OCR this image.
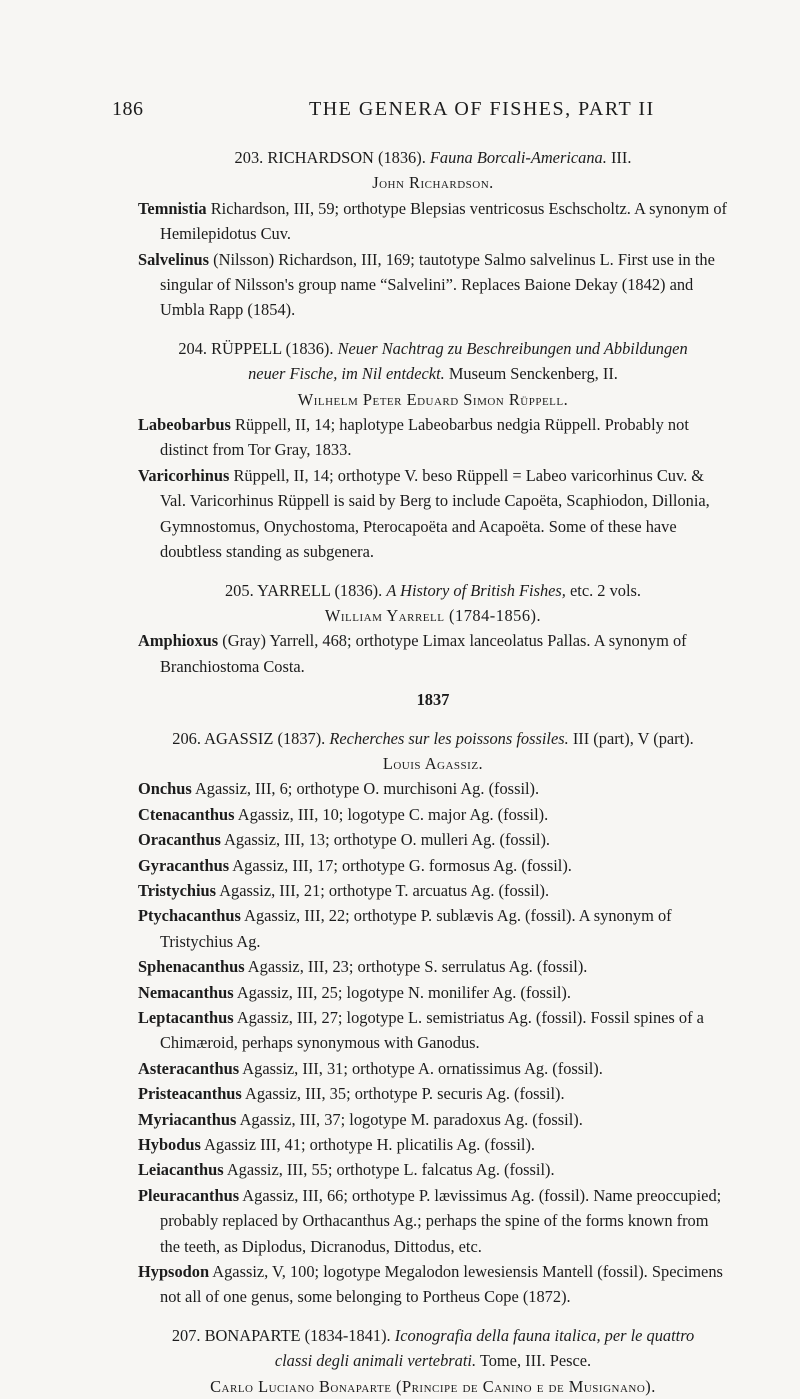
186	THE GENERA OF FISHES, PART II
203. RICHARDSON (1836). Fauna Borcali-Americana. III.
John Richardson.
Temnistia Richardson, III, 59; orthotype Blepsias ventricosus Eschscholtz. A synonym of Hemilepidotus Cuv.
Salvelinus (Nilsson) Richardson, III, 169; tautotype Salmo salvelinus L. First use in the singular of Nilsson's group name “Salvelini”. Replaces Baione Dekay (1842) and Umbla Rapp (1854).
204. RÜPPELL (1836). Neuer Nachtrag zu Beschreibungen und Abbildungen
neuer Fische, im Nil entdeckt. Museum Senckenberg, II.
Wilhelm Peter Eduard Simon Rüppell.
Labeobarbus Rüppell, II, 14; haplotype Labeobarbus nedgia Rüppell. Probably not distinct from Tor Gray, 1833.
Varicorhinus Rüppell, II, 14; orthotype V. beso Rüppell = Labeo varicorhinus Cuv. & Val. Varicorhinus Rüppell is said by Berg to include Capoëta, Scaphiodon, Dillonia, Gymnostomus, Onychostoma, Pterocapoëta and Acapoëta. Some of these have doubtless standing as subgenera.
205. YARRELL (1836). A History of British Fishes, etc. 2 vols.
William Yarrell (1784-1856).
Amphioxus (Gray) Yarrell, 468; orthotype Limax lanceolatus Pallas. A synonym of Branchiostoma Costa.
1837
206. AGASSIZ (1837). Recherches sur les poissons fossiles. III (part), V (part).
Louis Agassiz.
Onchus Agassiz, III, 6; orthotype O. murchisoni Ag. (fossil).
Ctenacanthus Agassiz, III, 10; logotype C. major Ag. (fossil).
Oracanthus Agassiz, III, 13; orthotype O. mulleri Ag. (fossil).
Gyracanthus Agassiz, III, 17; orthotype G. formosus Ag. (fossil).
Tristychius Agassiz, III, 21; orthotype T. arcuatus Ag. (fossil).
Ptychacanthus Agassiz, III, 22; orthotype P. sublævis Ag. (fossil). A synonym of Tristychius Ag.
Sphenacanthus Agassiz, III, 23; orthotype S. serrulatus Ag. (fossil).
Nemacanthus Agassiz, III, 25; logotype N. monilifer Ag. (fossil).
Leptacanthus Agassiz, III, 27; logotype L. semistriatus Ag. (fossil). Fossil spines of a Chimæroid, perhaps synonymous with Ganodus.
Asteracanthus Agassiz, III, 31; orthotype A. ornatissimus Ag. (fossil).
Pristeacanthus Agassiz, III, 35; orthotype P. securis Ag. (fossil).
Myriacanthus Agassiz, III, 37; logotype M. paradoxus Ag. (fossil).
Hybodus Agassiz III, 41; orthotype H. plicatilis Ag. (fossil).
Leiacanthus Agassiz, III, 55; orthotype L. falcatus Ag. (fossil).
Pleuracanthus Agassiz, III, 66; orthotype P. lævissimus Ag. (fossil). Name preoccupied; probably replaced by Orthacanthus Ag.; perhaps the spine of the forms known from the teeth, as Diplodus, Dicranodus, Dittodus, etc.
Hypsodon Agassiz, V, 100; logotype Megalodon lewesiensis Mantell (fossil). Specimens not all of one genus, some belonging to Portheus Cope (1872).
207. BONAPARTE (1834-1841). Iconografia della fauna italica, per le quattro
classi degli animali vertebrati. Tome, III. Pesce.
Carlo Luciano Bonaparte (Principe de Canino e de Musignano).
